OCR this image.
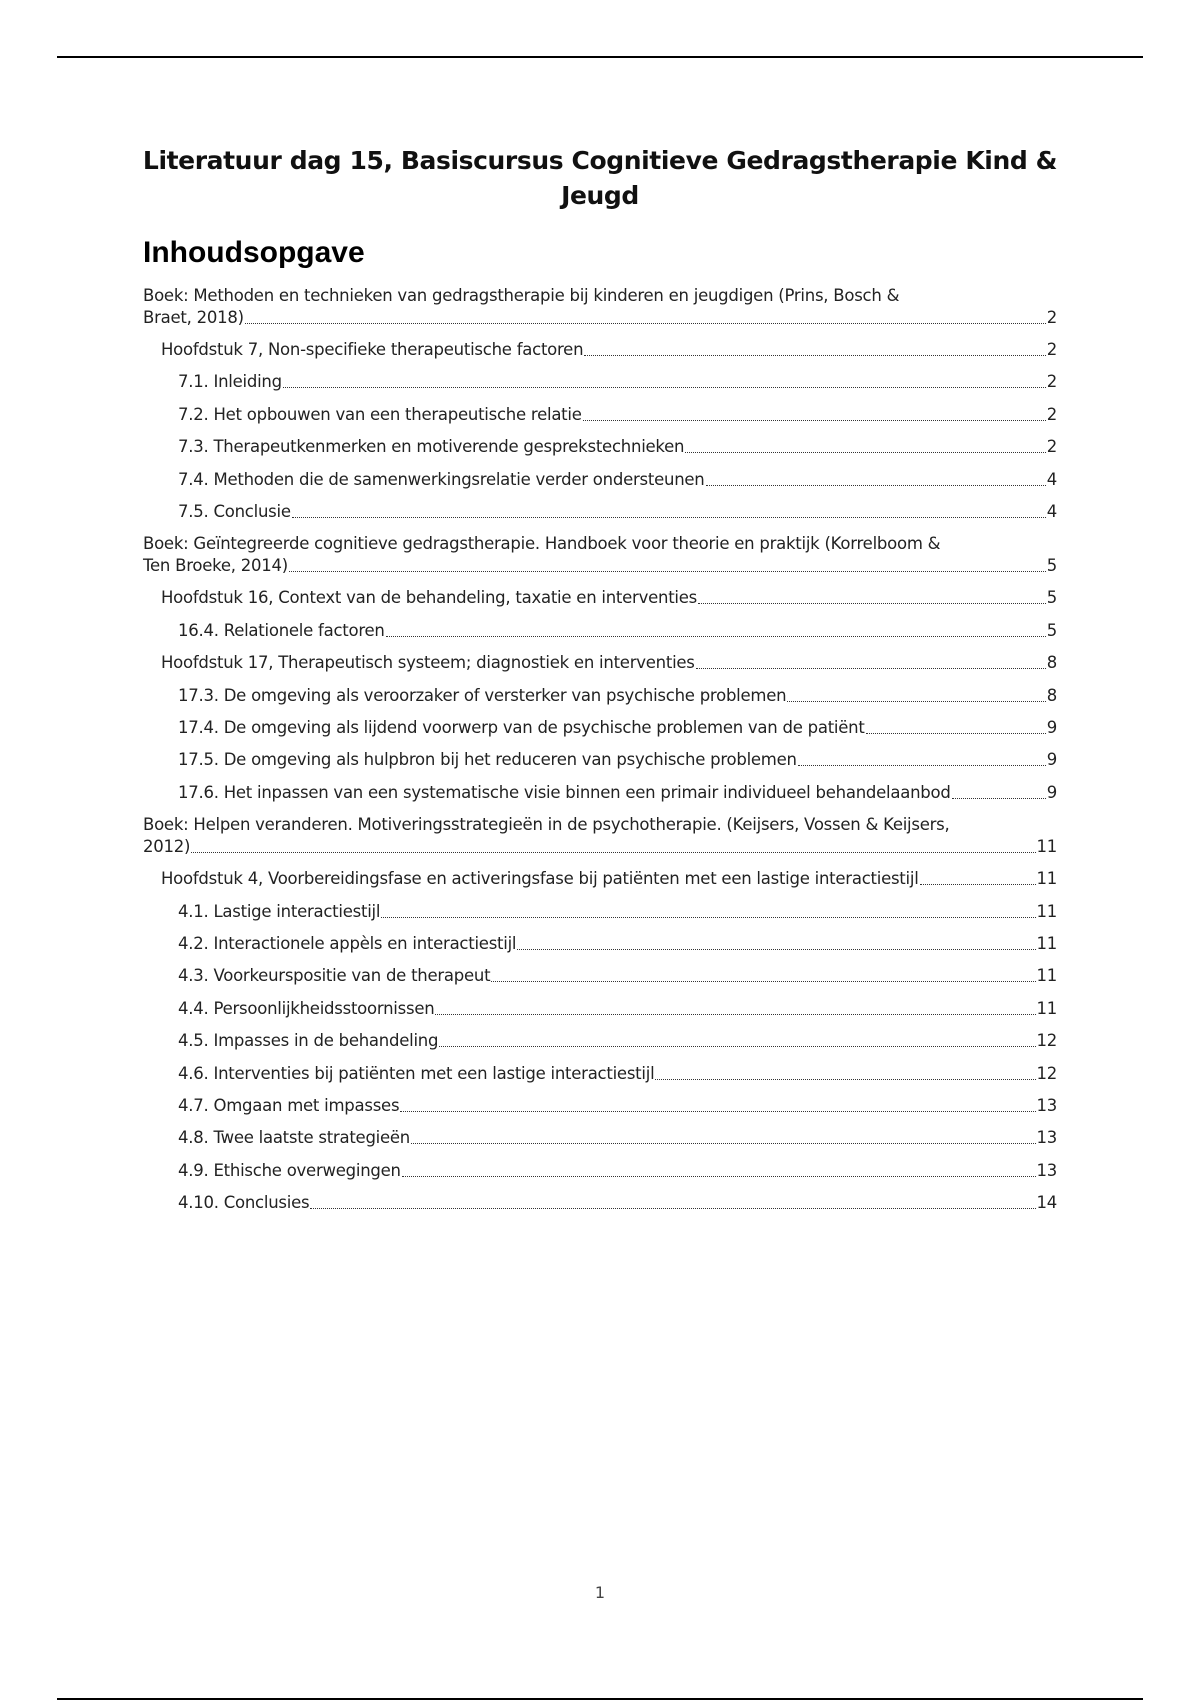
Literatuur dag 15, Basiscursus Cognitieve Gedragstherapie Kind & Jeugd
Inhoudsopgave
Boek: Methoden en technieken van gedragstherapie bij kinderen en jeugdigen (Prins, Bosch &
Braet, 2018)	2
Hoofdstuk 7, Non-specifieke therapeutische factoren	2
7.1. Inleiding	2
7.2. Het opbouwen van een therapeutische relatie	2
7.3. Therapeutkenmerken en motiverende gesprekstechnieken	2
7.4. Methoden die de samenwerkingsrelatie verder ondersteunen	4
7.5. Conclusie	4
Boek: Geïntegreerde cognitieve gedragstherapie. Handboek voor theorie en praktijk (Korrelboom &
Ten Broeke, 2014)	5
Hoofdstuk 16, Context van de behandeling, taxatie en interventies	5
16.4. Relationele factoren	5
Hoofdstuk 17, Therapeutisch systeem; diagnostiek en interventies	8
17.3. De omgeving als veroorzaker of versterker van psychische problemen	8
17.4. De omgeving als lijdend voorwerp van de psychische problemen van de patiënt	9
17.5. De omgeving als hulpbron bij het reduceren van psychische problemen	9
17.6. Het inpassen van een systematische visie binnen een primair individueel behandelaanbod	9
Boek: Helpen veranderen. Motiveringsstrategieën in de psychotherapie. (Keijsers, Vossen & Keijsers,
2012)	11
Hoofdstuk 4, Voorbereidingsfase en activeringsfase bij patiënten met een lastige interactiestijl	11
4.1. Lastige interactiestijl	11
4.2. Interactionele appèls en interactiestijl	11
4.3. Voorkeurspositie van de therapeut	11
4.4. Persoonlijkheidsstoornissen	11
4.5. Impasses in de behandeling	12
4.6. Interventies bij patiënten met een lastige interactiestijl	12
4.7. Omgaan met impasses	13
4.8. Twee laatste strategieën	13
4.9. Ethische overwegingen	13
4.10. Conclusies	14
1
